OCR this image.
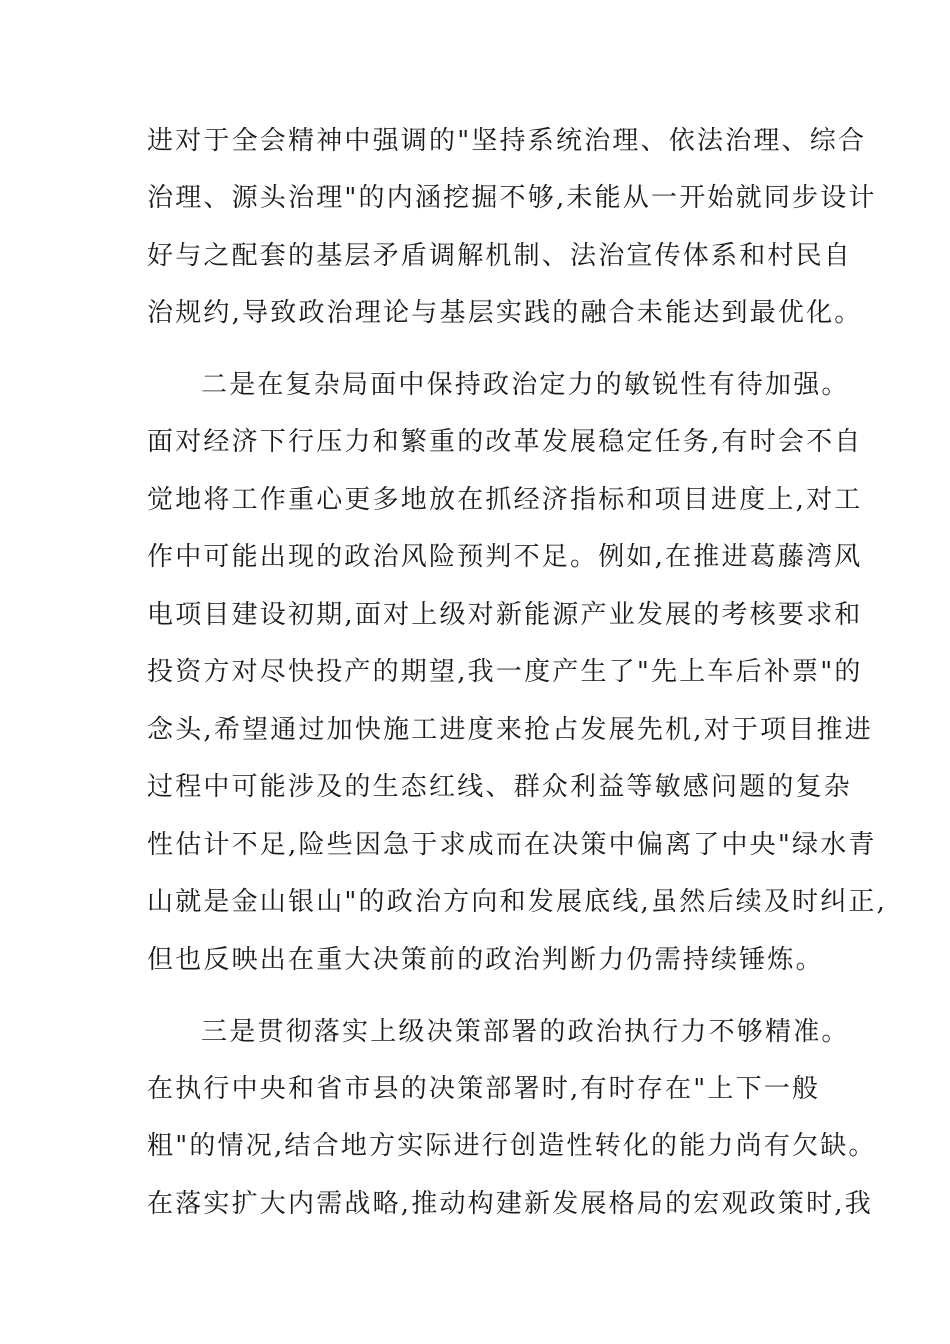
进对于全会精神中强调的"坚持系统治理、依法治理、综合
治理、源头治理"的内涵挖掘不够,未能从一开始就同步设计
好与之配套的基层矛盾调解机制、法治宣传体系和村民自
治规约,导致政治理论与基层实践的融合未能达到最优化。
二是在复杂局面中保持政治定力的敏锐性有待加强。
面对经济下行压力和繁重的改革发展稳定任务,有时会不自
觉地将工作重心更多地放在抓经济指标和项目进度上,对工
作中可能出现的政治风险预判不足。例如,在推进葛藤湾风
电项目建设初期,面对上级对新能源产业发展的考核要求和
投资方对尽快投产的期望,我一度产生了"先上车后补票"的
念头,希望通过加快施工进度来抢占发展先机,对于项目推进
过程中可能涉及的生态红线、群众利益等敏感问题的复杂
性估计不足,险些因急于求成而在决策中偏离了中央"绿水青
山就是金山银山"的政治方向和发展底线,虽然后续及时纠正,
但也反映出在重大决策前的政治判断力仍需持续锤炼。
三是贯彻落实上级决策部署的政治执行力不够精准。
在执行中央和省市县的决策部署时,有时存在"上下一般
粗"的情况,结合地方实际进行创造性转化的能力尚有欠缺。
在落实扩大内需战略,推动构建新发展格局的宏观政策时,我
